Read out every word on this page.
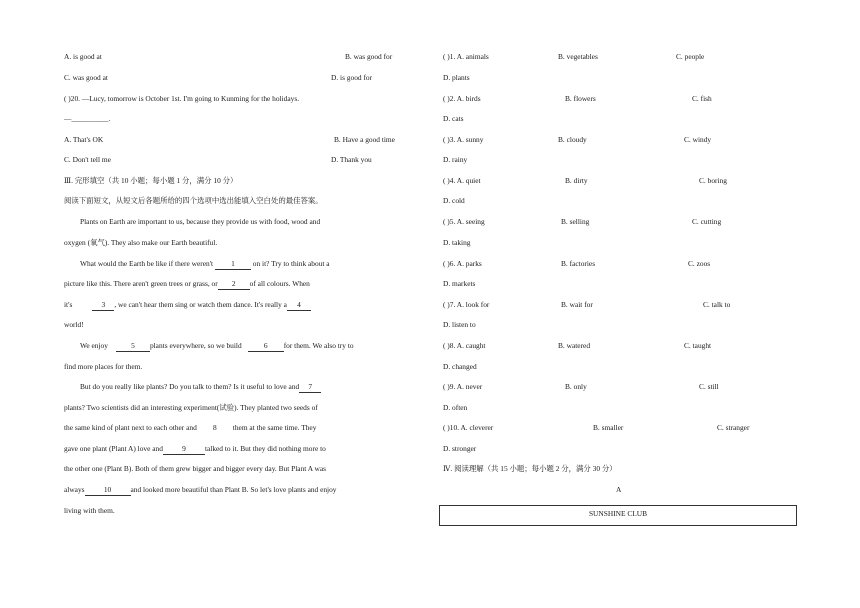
A. is good at	B. was good for
C. was good at	D. is good for
( )20. —Lucy, tomorrow is October 1st. I'm going to Kunming for the holidays.
—__________.
A. That's OK	B. Have a good time
C. Don't tell me	D. Thank you
Ⅲ. 完形填空（共 10 小题；每小题 1 分，满分 10 分）
阅读下面短文，从短文后各题所给的四个选项中选出能填入空白处的最佳答案。
Plants on Earth are important to us, because they provide us with food, wood and
oxygen (氧气). They also make our Earth beautiful.
What would the Earth be like if there weren't 1 on it? Try to think about a
picture like this. There aren't green trees or grass, or 2 of all colours. When
it's	3 , we can't hear them sing or watch them dance. It's really a 4
world!
We enjoy	5 plants everywhere, so we build	6 for them. We also try to
find more places for them.
But do you really like plants? Do you talk to them? Is it useful to love and 7
plants? Two scientists did an interesting experiment(试验). They planted two seeds of
the same kind of plant next to each other and 8 them at the same time. They
gave one plant (Plant A) love and	9	talked to it. But they did nothing more to
the other one (Plant B). Both of them grew bigger and bigger every day. But Plant A was
always	10	and looked more beautiful than Plant B. So let's love plants and enjoy
living with them.
( )1. A. animals	B. vegetables	C. people
D. plants
( )2. A. birds	B. flowers	C. fish
D. cats
( )3. A. sunny	B. cloudy	C. windy
D. rainy
( )4. A. quiet	B. dirty	C. boring
D. cold
( )5. A. seeing	B. selling	C. cutting
D. taking
( )6. A. parks	B. factories	C. zoos
D. markets
( )7. A. look for	B. wait for	C. talk to
D. listen to
( )8. A. caught	B. watered	C. taught
D. changed
( )9. A. never	B. only	C. still
D. often
( )10. A. cleverer	B. smaller	C. stranger
D. stronger
Ⅳ. 阅读理解（共 15 小题；每小题 2 分，满分 30 分）
A
SUNSHINE CLUB
